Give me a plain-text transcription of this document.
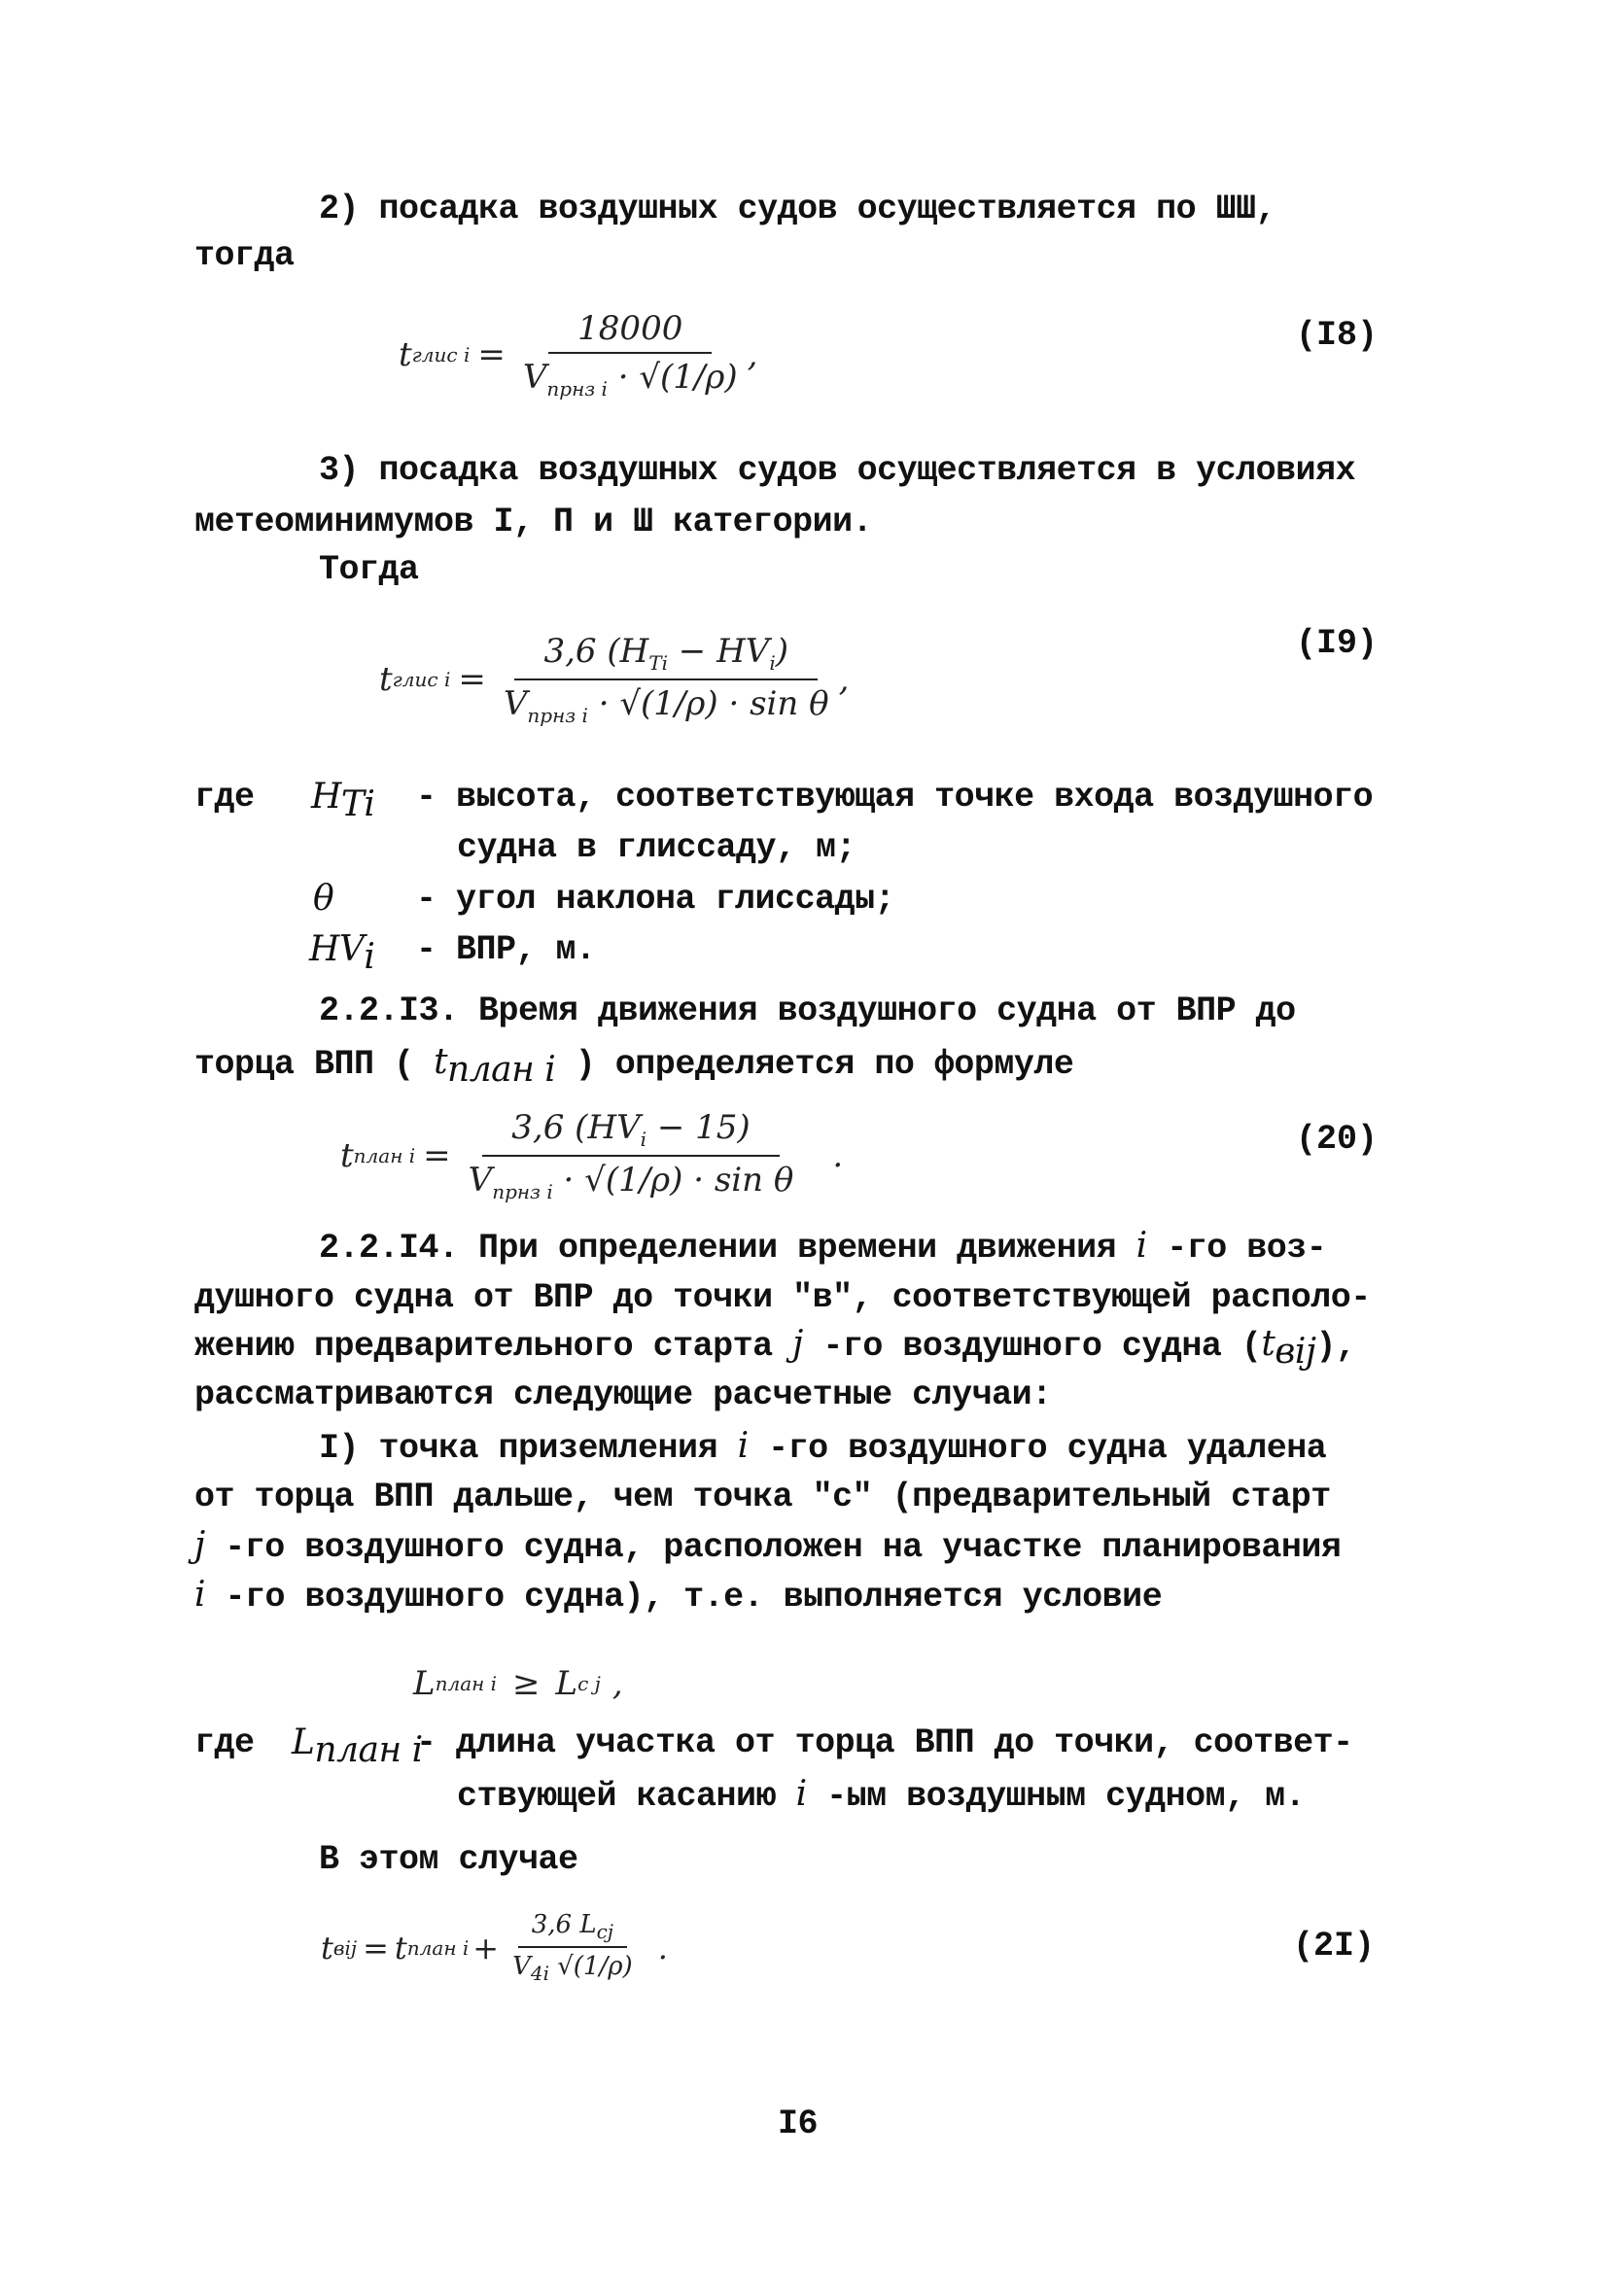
2) посадка воздушных судов осуществляется по ШШ,
тогда
t глис $i = \frac{18000}{V_{прнз i} \cdot √(1/\rho)}$ ,	(I8)
3) посадка воздушных судов осуществляется в условиях
метеоминимумов I, П и Ш категории.
Тогда
t глис $i = \frac{3,6 (H_{Ti} - HV_i)}{V_{прнз i} \cdot √(1/\rho) \cdot \sin \theta}$ ,
(I9)
где $H_{Ti}$ - высота, соответствующая точке входа воздушного
судна в глиссаду, м;
θ - угол наклона глиссады;
$HV_i$ - ВПР, м.
2.2.I3. Время движения воздушного судна от ВПР до
торца ВПП ( $t_{план i}$ ) определяется по формуле
t план $i = \frac{3,6 (HV_i - 15)}{V_{прнз i} \cdot √(1/\rho) \cdot \sin \theta}$ .	(20)
2.2.I4. При определении времени движения i -го воз-
душного судна от ВПР до точки "в", соответствующей располо-
жению предварительного старта j -го воздушного судна $(t_{вij})$,
рассматриваются следующие расчетные случаи:
I) точка приземления i -го воздушного судна удалена
от торца ВПП дальше, чем точка "с" (предварительный старт
j -го воздушного судна, расположен на участке планирования
i -го воздушного судна), т.е. выполняется условие
L план i ≥ L c j ,
где $L_{план i}$
- длина участка от торца ВПП до точки, соответ-
ствующей касанию i -ым воздушным судном, м.
В этом случае
t вij = t план $i + \frac{3,6 L_{cj}}{V_{4i} √(1/\rho)}$ .	(2I)
I6
